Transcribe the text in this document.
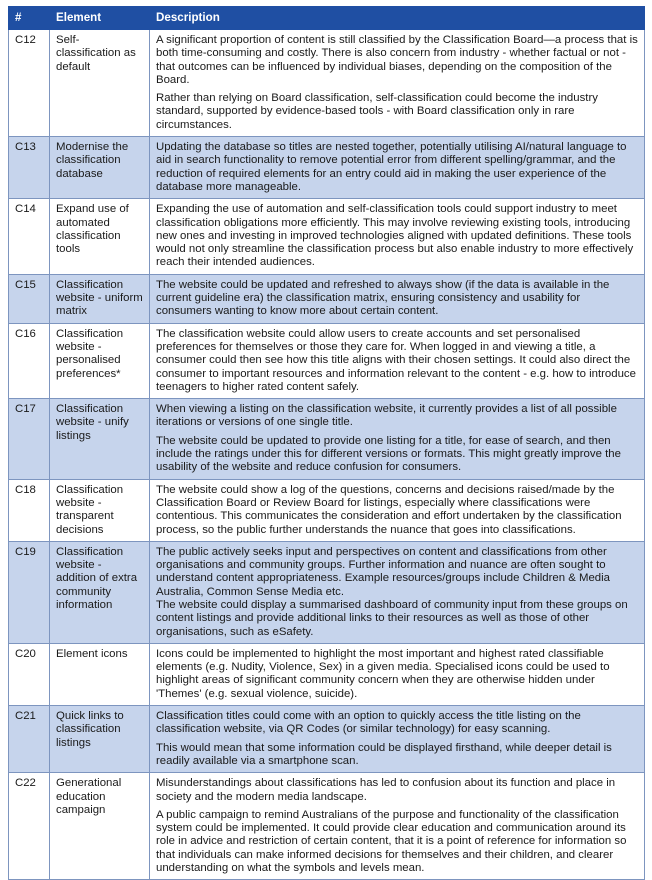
#	Element	Description
C12	Self-classification as default	A significant proportion of content is still classified by the Classification Board—a process that is both time-consuming and costly. There is also concern from industry - whether factual or not - that outcomes can be influenced by individual biases, depending on the composition of the Board.

Rather than relying on Board classification, self-classification could become the industry standard, supported by evidence-based tools - with Board classification only in rare circumstances.

C13	Modernise the classification database	Updating the database so titles are nested together, potentially utilising AI/natural language to aid in search functionality to remove potential error from different spelling/grammar, and the reduction of required elements for an entry could aid in making the user experience of the database more manageable.

C14	Expand use of automated classification tools	Expanding the use of automation and self-classification tools could support industry to meet classification obligations more efficiently. This may involve reviewing existing tools, introducing new ones and investing in improved technologies aligned with updated definitions. These tools would not only streamline the classification process but also enable industry to more effectively reach their intended audiences.

C15	Classification website - uniform matrix	The website could be updated and refreshed to always show (if the data is available in the current guideline era) the classification matrix, ensuring consistency and usability for consumers wanting to know more about certain content.

C16	Classification website - personalised preferences*	The classification website could allow users to create accounts and set personalised preferences for themselves or those they care for. When logged in and viewing a title, a consumer could then see how this title aligns with their chosen settings. It could also direct the consumer to important resources and information relevant to the content - e.g. how to introduce teenagers to higher rated content safely.

C17	Classification website - unify listings	When viewing a listing on the classification website, it currently provides a list of all possible iterations or versions of one single title.

The website could be updated to provide one listing for a title, for ease of search, and then include the ratings under this for different versions or formats. This might greatly improve the usability of the website and reduce confusion for consumers.

C18	Classification website - transparent decisions	The website could show a log of the questions, concerns and decisions raised/made by the Classification Board or Review Board for listings, especially where classifications were contentious. This communicates the consideration and effort undertaken by the classification process, so the public further understands the nuance that goes into classifications.

C19	Classification website - addition of extra community information	The public actively seeks input and perspectives on content and classifications from other organisations and community groups. Further information and nuance are often sought to understand content appropriateness. Example resources/groups include Children & Media Australia, Common Sense Media etc.

The website could display a summarised dashboard of community input from these groups on content listings and provide additional links to their resources as well as those of other organisations, such as eSafety.

C20	Element icons	Icons could be implemented to highlight the most important and highest rated classifiable elements (e.g. Nudity, Violence, Sex) in a given media. Specialised icons could be used to highlight areas of significant community concern when they are otherwise hidden under 'Themes' (e.g. sexual violence, suicide).

C21	Quick links to classification listings	Classification titles could come with an option to quickly access the title listing on the classification website, via QR Codes (or similar technology) for easy scanning.

This would mean that some information could be displayed firsthand, while deeper detail is readily available via a smartphone scan.

C22	Generational education campaign	Misunderstandings about classifications has led to confusion about its function and place in society and the modern media landscape.

A public campaign to remind Australians of the purpose and functionality of the classification system could be implemented. It could provide clear education and communication around its role in advice and restriction of certain content, that it is a point of reference for information so that individuals can make informed decisions for themselves and their children, and clearer understanding on what the symbols and levels mean.
